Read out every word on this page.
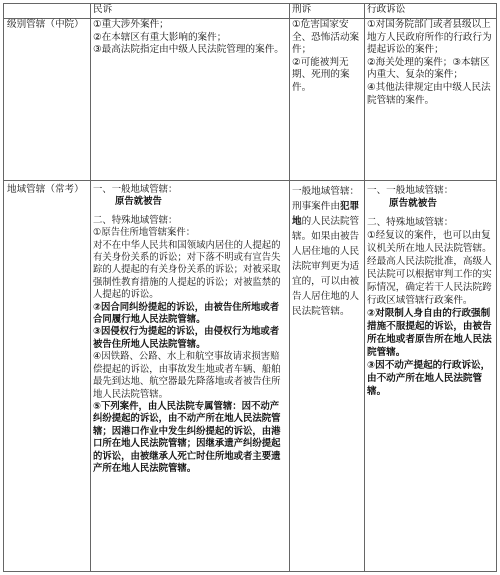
民诉	刑诉	行政诉讼

级别管辖（中院） ①重大涉外案件；

②在本辖区有重大影响的案件；

③最高法院指定由中级人民法院管理的案件。

①危害国家安全、恐怖活动案件；

②可能被判无期、死刑的案件。

①对国务院部门或者县级以上地方人民政府所作的行政行为提起诉讼的案件；

②海关处理的案件；③本辖区内重大、复杂的案件；

④其他法律规定由中级人民法院管辖的案件。

地域管辖（常考） 一、一般地域管辖：

原告就被告

二、特殊地域管辖：

①原告住所地管辖案件：

对不在中华人民共和国领域内居住的人提起的有关身份关系的诉讼；对下落不明或有宣告失踪的人提起的有关身份关系的诉讼；对被采取强制性教育措施的人提起的诉讼；对被监禁的人提起的诉讼。

②因合同纠纷提起的诉讼，由被告住所地或者合同履行地人民法院管辖。

③因侵权行为提起的诉讼，由侵权行为地或者被告住所地人民法院管辖。

④因铁路、公路、水上和航空事故请求损害赔偿提起的诉讼，由事故发生地或者车辆、船舶最先到达地、航空器最先降落地或者被告住所地人民法院管辖。

⑤下列案件，由人民法院专属管辖：因不动产纠纷提起的诉讼，由不动产所在地人民法院管辖；因港口作业中发生纠纷提起的诉讼，由港口所在地人民法院管辖；因继承遗产纠纷提起的诉讼，由被继承人死亡时住所地或者主要遗产所在地人民法院管辖。

一般地域管辖：

刑事案件由犯罪地的人民法院管辖。如果由被告人居住地的人民法院审判更为适宜的，可以由被告人居住地的人民法院管辖。

一、一般地域管辖：

原告就被告

二、特殊地域管辖：

①经复议的案件，也可以由复议机关所在地人民法院管辖。经最高人民法院批准，高级人民法院可以根据审判工作的实际情况，确定若干人民法院跨行政区域管辖行政案件。

②对限制人身自由的行政强制措施不服提起的诉讼，由被告所在地或者原告所在地人民法院管辖。

③因不动产提起的行政诉讼，由不动产所在地人民法院管辖。
